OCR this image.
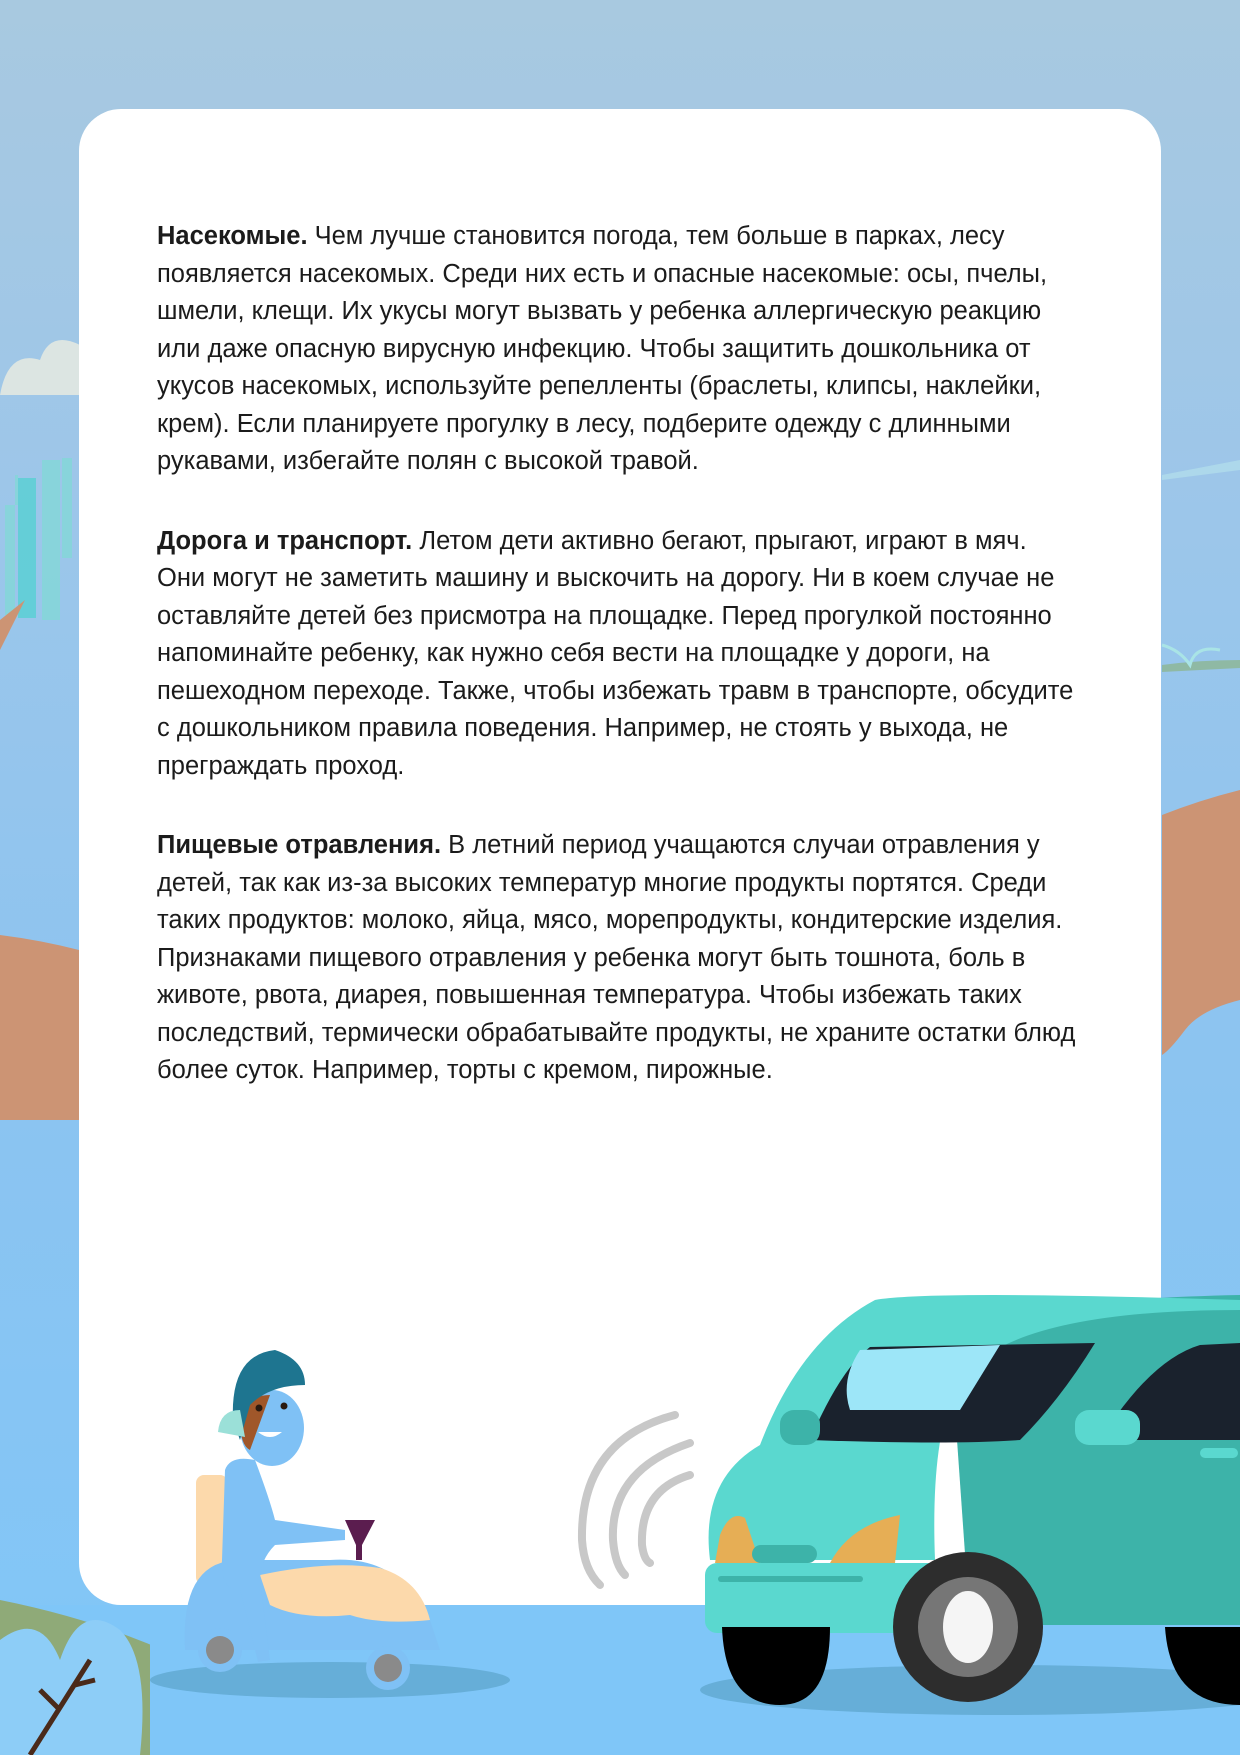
Насекомые. Чем лучше становится погода, тем больше в парках, лесу появляется насекомых. Среди них есть и опасные насекомые: осы, пчелы, шмели, клещи. Их укусы могут вызвать у ребенка аллергическую реакцию или даже опасную вирусную инфекцию. Чтобы защитить дошкольника от укусов насекомых, используйте репелленты (браслеты, клипсы, наклейки, крем). Если планируете прогулку в лесу, подберите одежду с длинными рукавами, избегайте полян с высокой травой.

Дорога и транспорт. Летом дети активно бегают, прыгают, играют в мяч. Они могут не заметить машину и выскочить на дорогу. Ни в коем случае не оставляйте детей без присмотра на площадке. Перед прогулкой постоянно напоминайте ребенку, как нужно себя вести на площадке у дороги, на пешеходном переходе. Также, чтобы избежать травм в транспорте, обсудите с дошкольником правила поведения. Например, не стоять у выхода, не преграждать проход.

Пищевые отравления. В летний период учащаются случаи отравления у детей, так как из-за высоких температур многие продукты портятся. Среди таких продуктов: молоко, яйца, мясо, морепродукты, кондитерские изделия. Признаками пищевого отравления у ребенка могут быть тошнота, боль в животе, рвота, диарея, повышенная температура. Чтобы избежать таких последствий, термически обрабатывайте продукты, не храните остатки блюд более суток. Например, торты с кремом, пирожные.
